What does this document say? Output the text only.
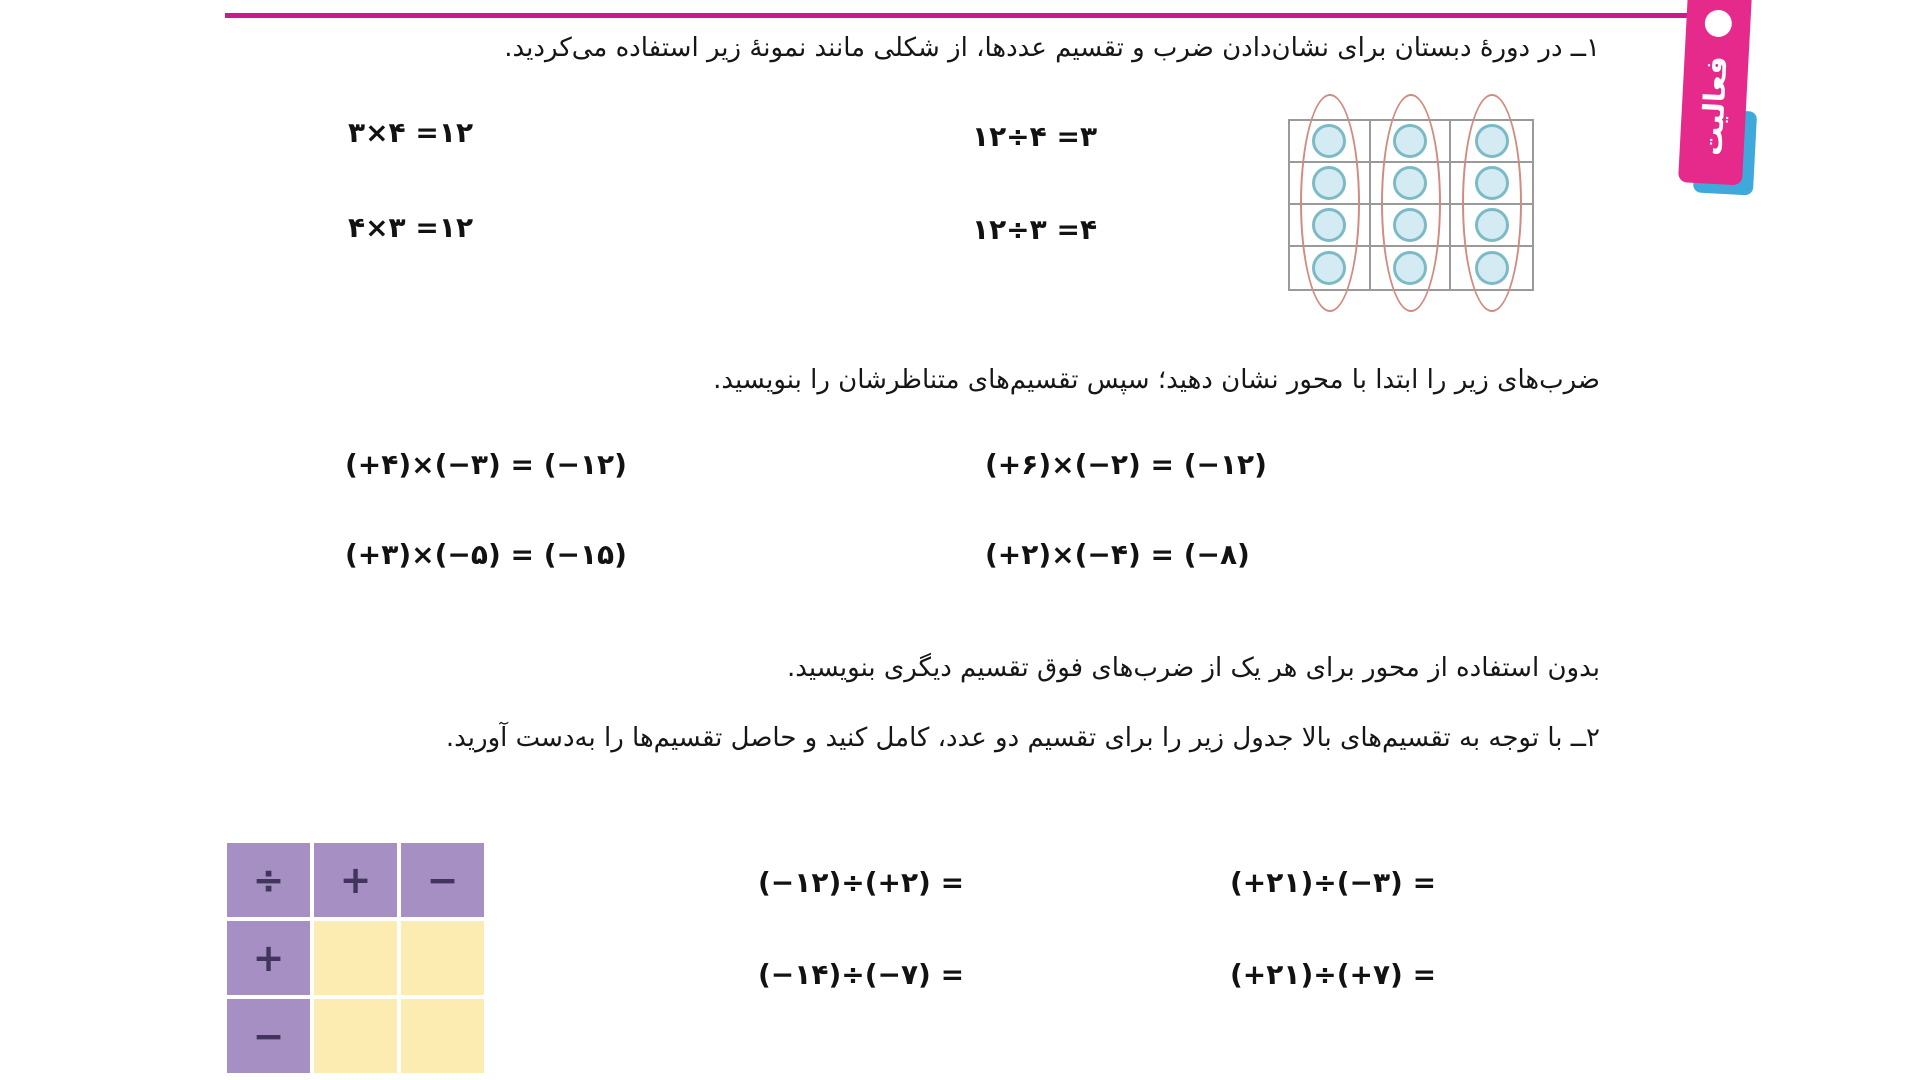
فعالیت
۱ــ در دورۀ دبستان برای نشان‌دادن ضرب و تقسیم عددها، از شکلی مانند نمونۀ زیر استفاده می‌کردید.
۳×۴ =۱۲	۱۲÷۴ =۳
۴×۳ =۱۲	۱۲÷۳ =۴
ضرب‌های زیر را ابتدا با محور نشان دهید؛ سپس تقسیم‌های متناظرشان را بنویسید.
(+۴)×(−۳) = (−۱۲)	(+۶)×(−۲) = (−۱۲)
(+۳)×(−۵) = (−۱۵)	(+۲)×(−۴) = (−۸)
بدون استفاده از محور برای هر یک از ضرب‌های فوق تقسیم دیگری بنویسید.
۲ــ با توجه به تقسیم‌های بالا جدول زیر را برای تقسیم دو عدد، کامل کنید و حاصل تقسیم‌ها را به‌دست آورید.
(−۱۲)÷(+۲) =	(+۲۱)÷(−۳) =
(−۱۴)÷(−۷) =	(+۲۱)÷(+۷) =
÷	+	−
+
−
